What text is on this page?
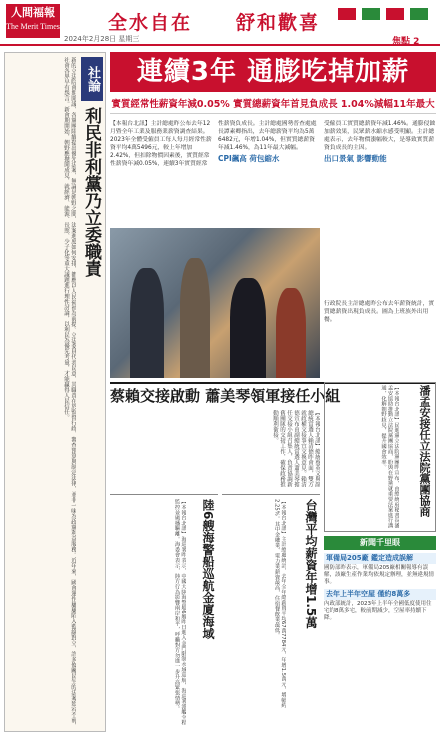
人間福報
The Merit Times
2024年2月28日 星期三
全水自在 舒和歡喜
焦點 2
社論
利民非利黨乃立委職責
新的立法院會期開議，各黨團陸續提出優先法案，無論是朝野之間、法案進度如何安排，都應以人民福祉為前提。立法委員代表民意，其職責在於監督行政、審查預算與制定法律，並非一味為政黨利益服務。近年來，國會運作屢屢陷入藍綠對立，許多攸關民生的法案延宕不前，社會各界早有怨言。新會期開始，朝野應拋開成見，就經濟、能源、長照、少子化等重大議題進行理性討論，以利民為優先考量，才能贏得人民信任。	連續3年 通膨吃掉加薪
實質經常性薪資年減0.05% 實質總薪資年首見負成長 1.04%減幅11年最大
【本報台北訊】主計總處昨公布去年12月暨全年工業及服務業薪資調查結果。2023年全體受僱員工每人每月經常性薪資平均4萬5496元，較上年增加2.42%，但扣除物價因素後，實質經常性薪資年減0.05%，連續3年實質經常性薪資負成長。主計總處國勢普查處處長譚素卿指出，去年總薪資平均為5萬6482元，年增1.04%，但實質總薪資年減1.46%，為11年最大減幅。
CPI飆高 荷包縮水
受僱員工實質總薪資年減1.46%。通膨侵蝕加薪效果，民眾薪水縮水感受明顯。主計總處表示，去年物價漲幅較大，是導致實質薪資負成長的主因。
出口景氣 影響動能
行政院長主計總處昨公布去年薪資統計，實質總薪資出現負成長。圖為上班族外出用餐。
蔡賴交接啟動 蕭美琴領軍接任小組
【本報台北訊】總統蔡英文與副總統當選人賴清德昨會面，雙方就政權交接事宜交換意見。賴清德宣布由副總統當選人蕭美琴擔任交接小組召集人，負責協調新舊團隊的交接工作，確保政務推動順利銜接。	潘孟安接任立法院黨團協商
【本報台北訊】民進黨立法院黨團昨宣布，由總統府秘書長潘孟安協助推動立法院黨團協商，盼與在野黨就重要法案進行溝通，化解朝野歧見，提升國會效率。
陸6艘海警船巡航金廈海域
【本報台北訊】海巡署昨表示，中國大陸海警船6艘昨日進入金門限制水域巡航，海巡署派艦全程監控並廣播驅離。海委會表示，陸方行為影響兩岸和平，呼籲對方勿進一步升高緊張情勢。	台灣平均薪資年增1.5萬
【本報台北訊】主計總處統計，去年全年總薪資平均67萬7784元，年增1.5萬元，增幅約2.25%。其中金融業、電力業薪資最高，住宿餐飲業最低。	新聞千里眼
軍備局205廠 鑑定造成誤解
國防部昨表示，軍備局205廠相關報導有誤解，該廠生產作業均依規定辦理，並無違規情事。
去年上半年空屋 僅約8萬多
內政部統計，2023年上半年全國低度使用住宅約8萬多宅，較前期減少，空屋率持續下降。
